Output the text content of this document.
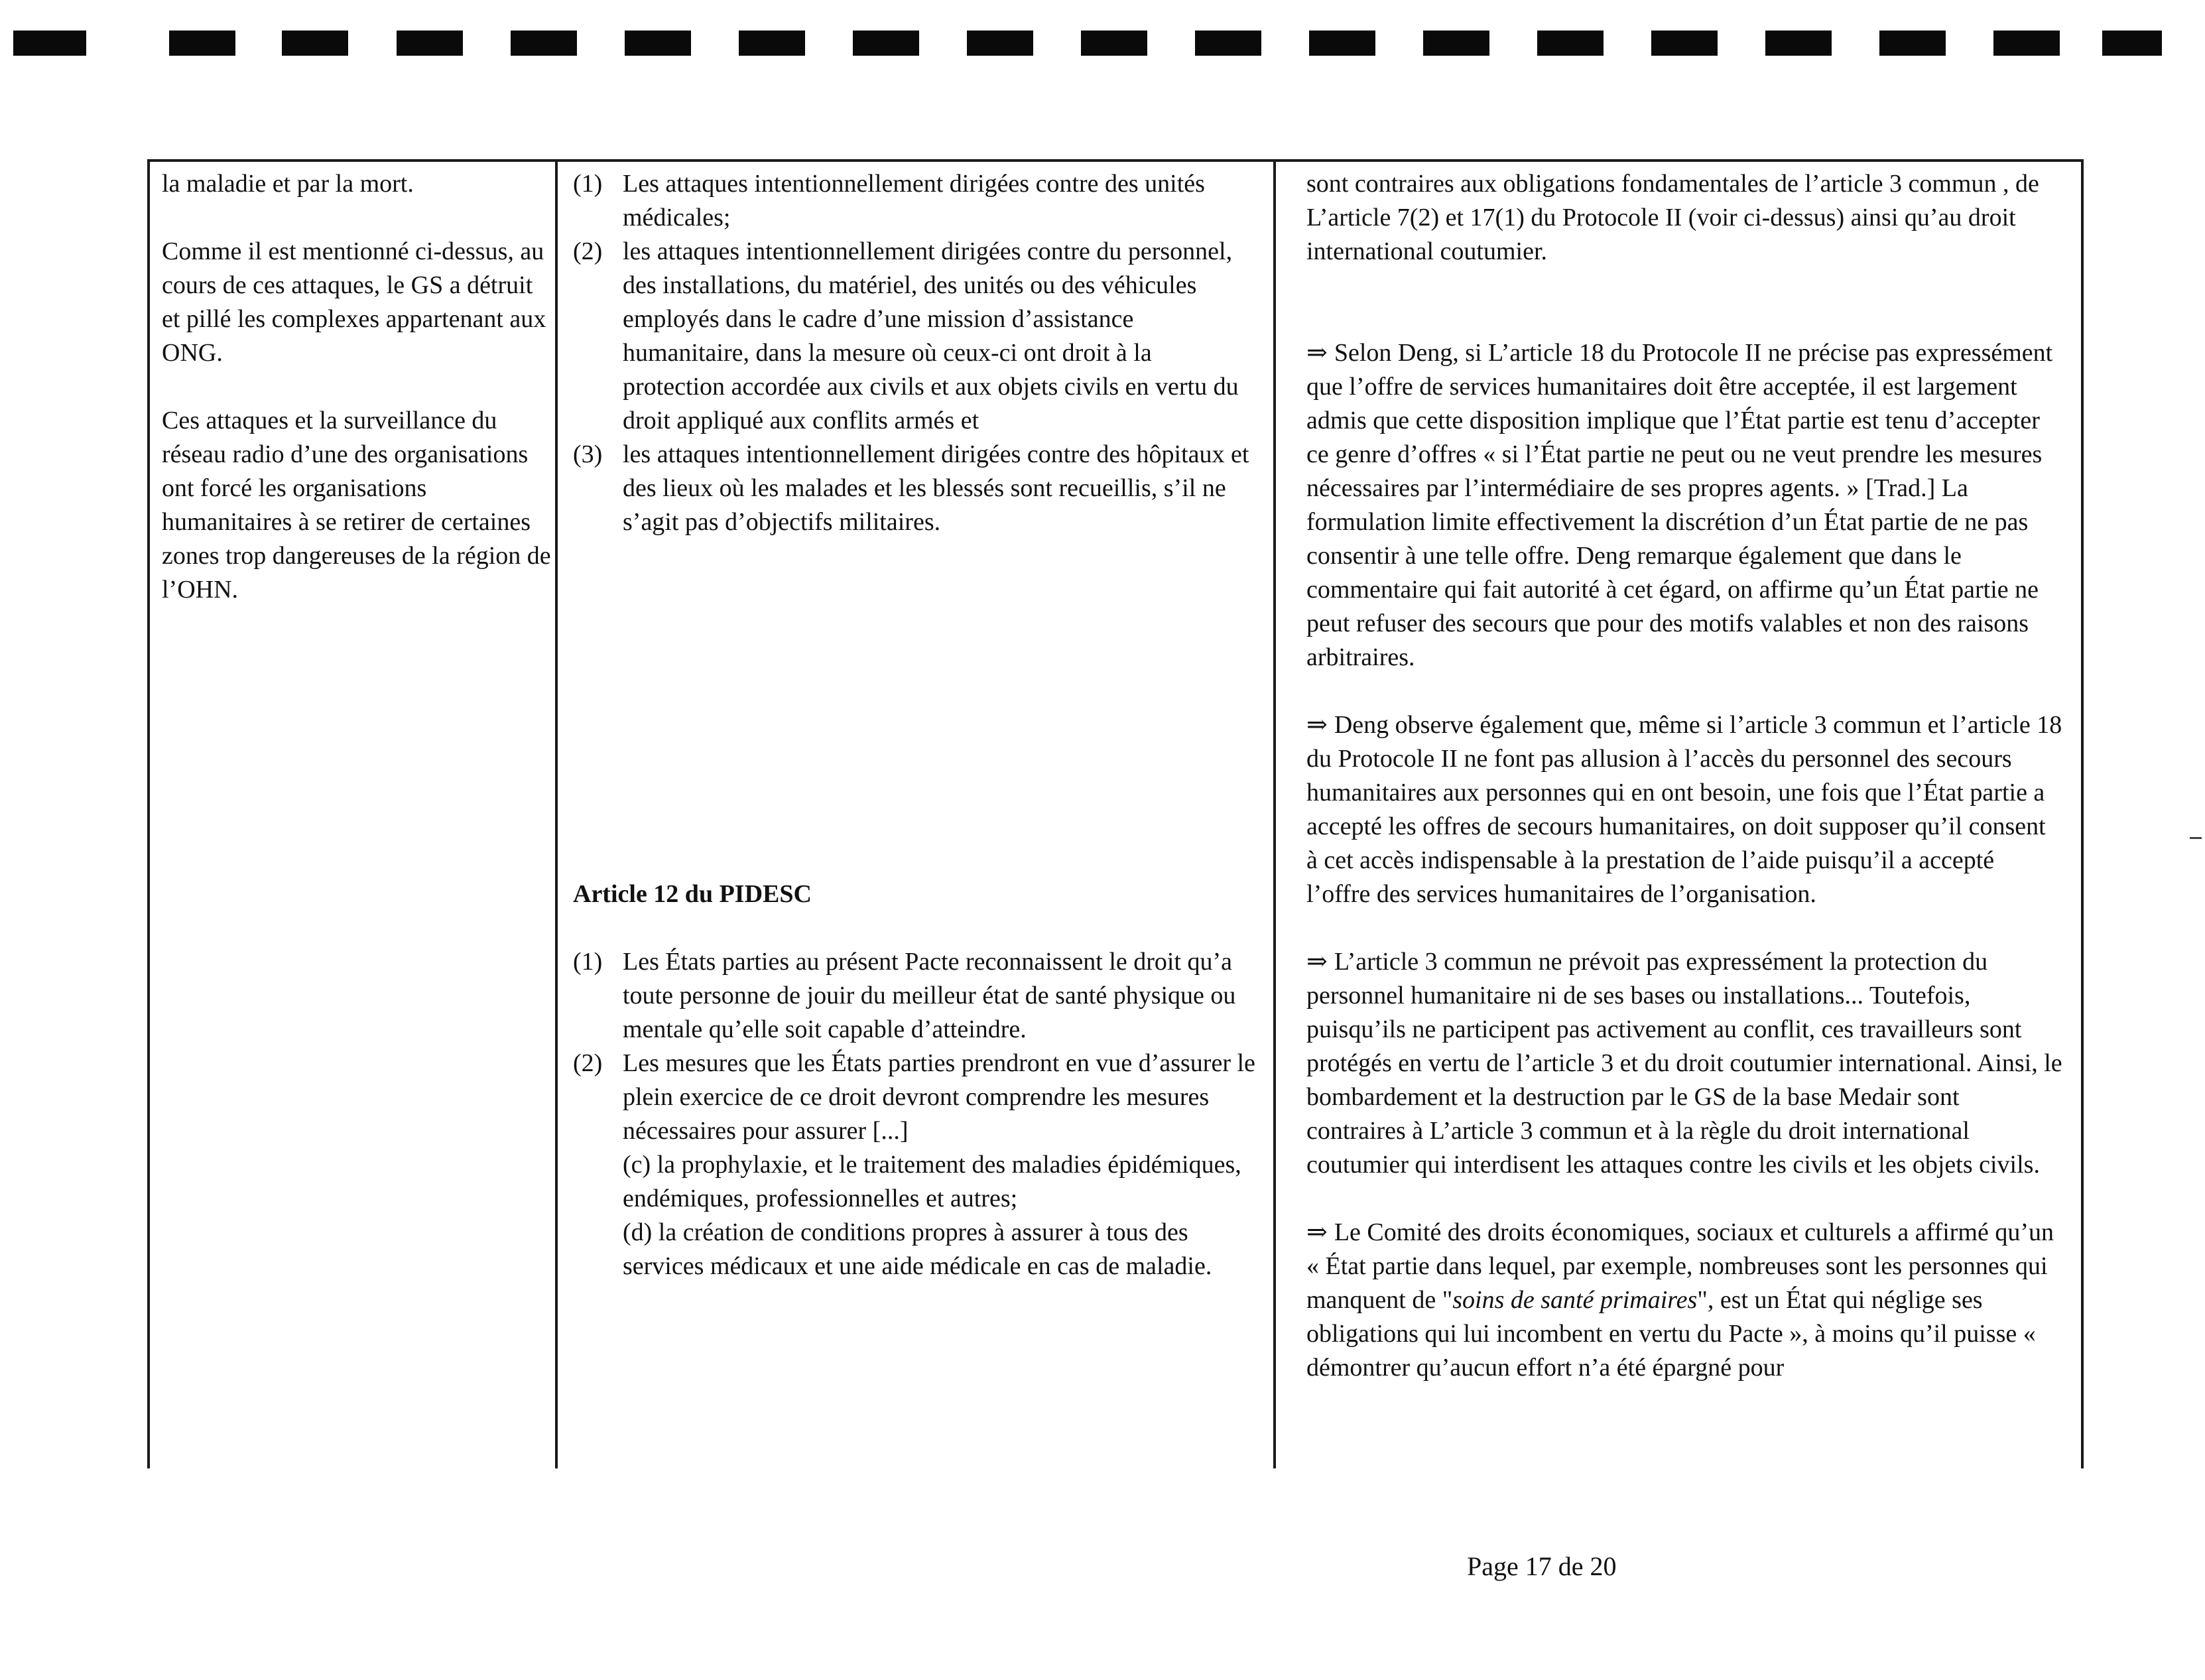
la maladie et par la mort.

Comme il est mentionné ci-dessus, au cours de ces attaques, le GS a détruit et pillé les complexes appartenant aux ONG.

Ces attaques et la surveillance du réseau radio d’une des organisations ont forcé les organisations humanitaires à se retirer de certaines zones trop dangereuses de la région de l’OHN.

(1) Les attaques intentionnellement dirigées contre des unités médicales;
(2) les attaques intentionnellement dirigées contre du personnel, des installations, du matériel, des unités ou des véhicules employés dans le cadre d’une mission d’assistance humanitaire, dans la mesure où ceux-ci ont droit à la protection accordée aux civils et aux objets civils en vertu du droit appliqué aux conflits armés et
(3) les attaques intentionnellement dirigées contre des hôpitaux et des lieux où les malades et les blessés sont recueillis, s’il ne s’agit pas d’objectifs militaires.

Article 12 du PIDESC

(1) Les États parties au présent Pacte reconnaissent le droit qu’a toute personne de jouir du meilleur état de santé physique ou mentale qu’elle soit capable d’atteindre.
(2) Les mesures que les États parties prendront en vue d’assurer le plein exercice de ce droit devront comprendre les mesures nécessaires pour assurer [...]
(c) la prophylaxie, et le traitement des maladies épidémiques, endémiques, professionnelles et autres;
(d) la création de conditions propres à assurer à tous des services médicaux et une aide médicale en cas de maladie.

sont contraires aux obligations fondamentales de l’article 3 commun , de L’article 7(2) et 17(1) du Protocole II (voir ci-dessus) ainsi qu’au droit international coutumier.

⇒ Selon Deng, si L’article 18 du Protocole II ne précise pas expressément que l’offre de services humanitaires doit être acceptée, il est largement admis que cette disposition implique que l’État partie est tenu d’accepter ce genre d’offres « si l’État partie ne peut ou ne veut prendre les mesures nécessaires par l’intermédiaire de ses propres agents. » [Trad.] La formulation limite effectivement la discrétion d’un État partie de ne pas consentir à une telle offre. Deng remarque également que dans le commentaire qui fait autorité à cet égard, on affirme qu’un État partie ne peut refuser des secours que pour des motifs valables et non des raisons arbitraires.

⇒ Deng observe également que, même si l’article 3 commun et l’article 18 du Protocole II ne font pas allusion à l’accès du personnel des secours humanitaires aux personnes qui en ont besoin, une fois que l’État partie a accepté les offres de secours humanitaires, on doit supposer qu’il consent à cet accès indispensable à la prestation de l’aide puisqu’il a accepté l’offre des services humanitaires de l’organisation.

⇒ L’article 3 commun ne prévoit pas expressément la protection du personnel humanitaire ni de ses bases ou installations... Toutefois, puisqu’ils ne participent pas activement au conflit, ces travailleurs sont protégés en vertu de l’article 3 et du droit coutumier international. Ainsi, le bombardement et la destruction par le GS de la base Medair sont contraires à L’article 3 commun et à la règle du droit international coutumier qui interdisent les attaques contre les civils et les objets civils.

⇒ Le Comité des droits économiques, sociaux et culturels a affirmé qu’un « État partie dans lequel, par exemple, nombreuses sont les personnes qui manquent de "soins de santé primaires", est un État qui néglige ses obligations qui lui incombent en vertu du Pacte », à moins qu’il puisse « démontrer qu’aucun effort n’a été épargné pour

Page 17 de 20
